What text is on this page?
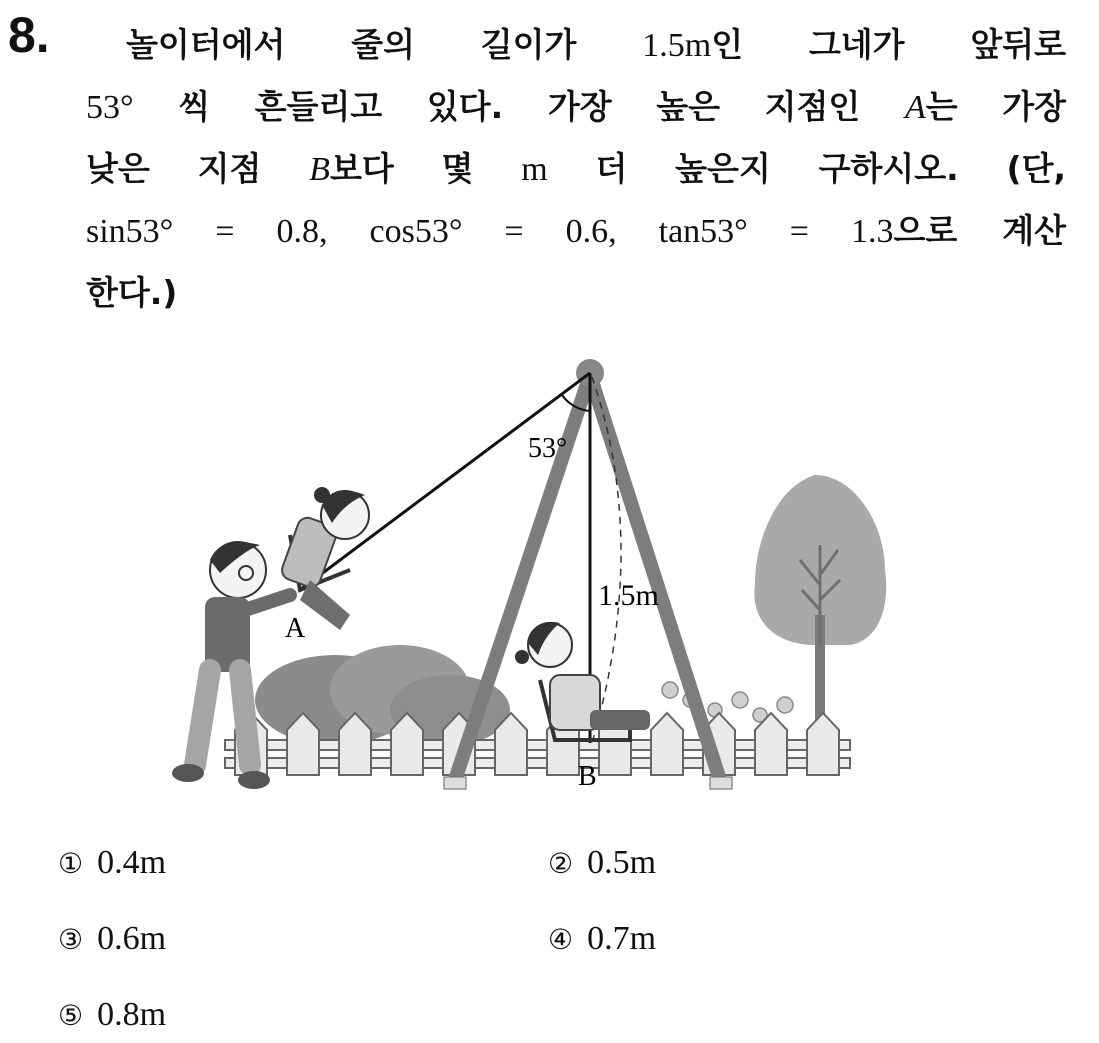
8.	놀이터에서 줄의 길이가 1.5m인 그네가 앞뒤로
53° 씩 흔들리고 있다. 가장 높은 지점인 A는 가장
낮은 지점 B보다 몇 m 더 높은지 구하시오. (단,
sin53° = 0.8, cos53° = 0.6, tan53° = 1.3으로 계산
한다.)
53°
1.5m
A
B
① 0.4m	② 0.5m
③ 0.6m	④ 0.7m
⑤ 0.8m
